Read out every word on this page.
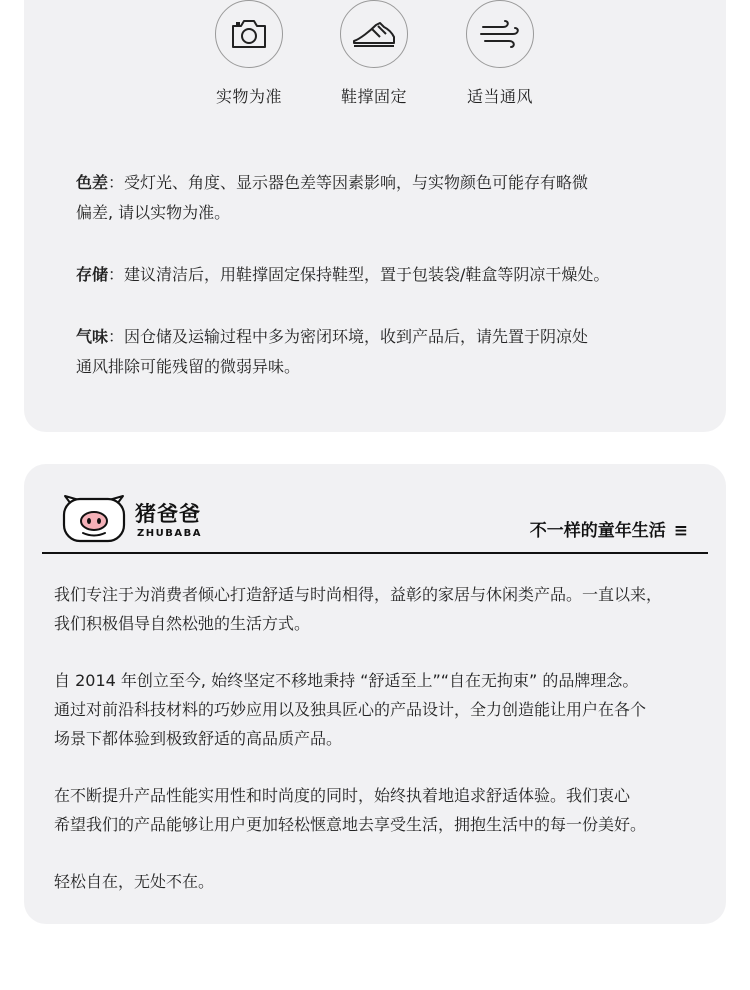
实物为准	鞋撑固定	适当通风
色差：受灯光、角度、显示器色差等因素影响，与实物颜色可能存有略微
偏差, 请以实物为准。
存储：建议清洁后，用鞋撑固定保持鞋型，置于包装袋/鞋盒等阴凉干燥处。
气味：因仓储及运输过程中多为密闭环境，收到产品后，请先置于阴凉处
通风排除可能残留的微弱异味。
猪爸爸
ZHUBABA	不一样的童年生活 ≡
我们专注于为消费者倾心打造舒适与时尚相得，益彰的家居与休闲类产品。一直以来，
我们积极倡导自然松弛的生活方式。
自 2014 年创立至今, 始终坚定不移地秉持 “舒适至上”“自在无拘束” 的品牌理念。
通过对前沿科技材料的巧妙应用以及独具匠心的产品设计，全力创造能让用户在各个
场景下都体验到极致舒适的高品质产品。
在不断提升产品性能实用性和时尚度的同时，始终执着地追求舒适体验。我们衷心
希望我们的产品能够让用户更加轻松惬意地去享受生活，拥抱生活中的每一份美好。
轻松自在，无处不在。
